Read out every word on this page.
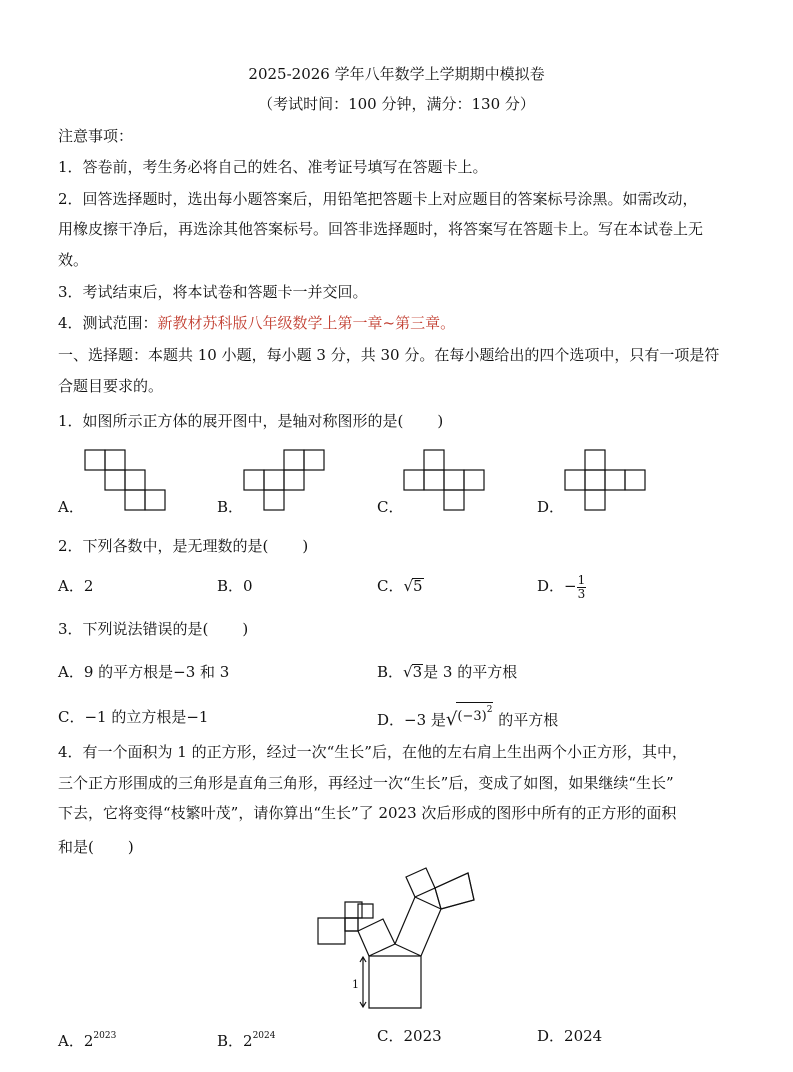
2025-2026 学年八年数学上学期期中模拟卷
（考试时间：100 分钟，满分：130 分）
注意事项：
1．答卷前，考生务必将自己的姓名、准考证号填写在答题卡上。
2．回答选择题时，选出每小题答案后，用铅笔把答题卡上对应题目的答案标号涂黑。如需改动，
用橡皮擦干净后，再选涂其他答案标号。回答非选择题时，将答案写在答题卡上。写在本试卷上无
效。
3．考试结束后，将本试卷和答题卡一并交回。
4．测试范围：新教材苏科版八年级数学上第一章~第三章。
一、选择题：本题共 10 小题，每小题 3 分，共 30 分。在每小题给出的四个选项中，只有一项是符
合题目要求的。
1．如图所示正方体的展开图中，是轴对称图形的是( )
A．	B．	C．	D．
2．下列各数中，是无理数的是( )
A．2	B．0	C．√5	D．− $\frac{1}{3}$
3．下列说法错误的是( )
A．9 的平方根是−3 和 3	B．√3是 3 的平方根
C．−1 的立方根是−1	D．−3 是$√(-3)^2$ 的平方根
4．有一个面积为 1 的正方形，经过一次“生长”后，在他的左右肩上生出两个小正方形，其中，
三个正方形围成的三角形是直角三角形，再经过一次“生长”后，变成了如图，如果继续“生长”
下去，它将变得“枝繁叶茂”，请你算出“生长”了 2023 次后形成的图形中所有的正方形的面积
和是( )
1
A．$2^{2023}$	B．$2^{2024}$	C．2023	D．2024
